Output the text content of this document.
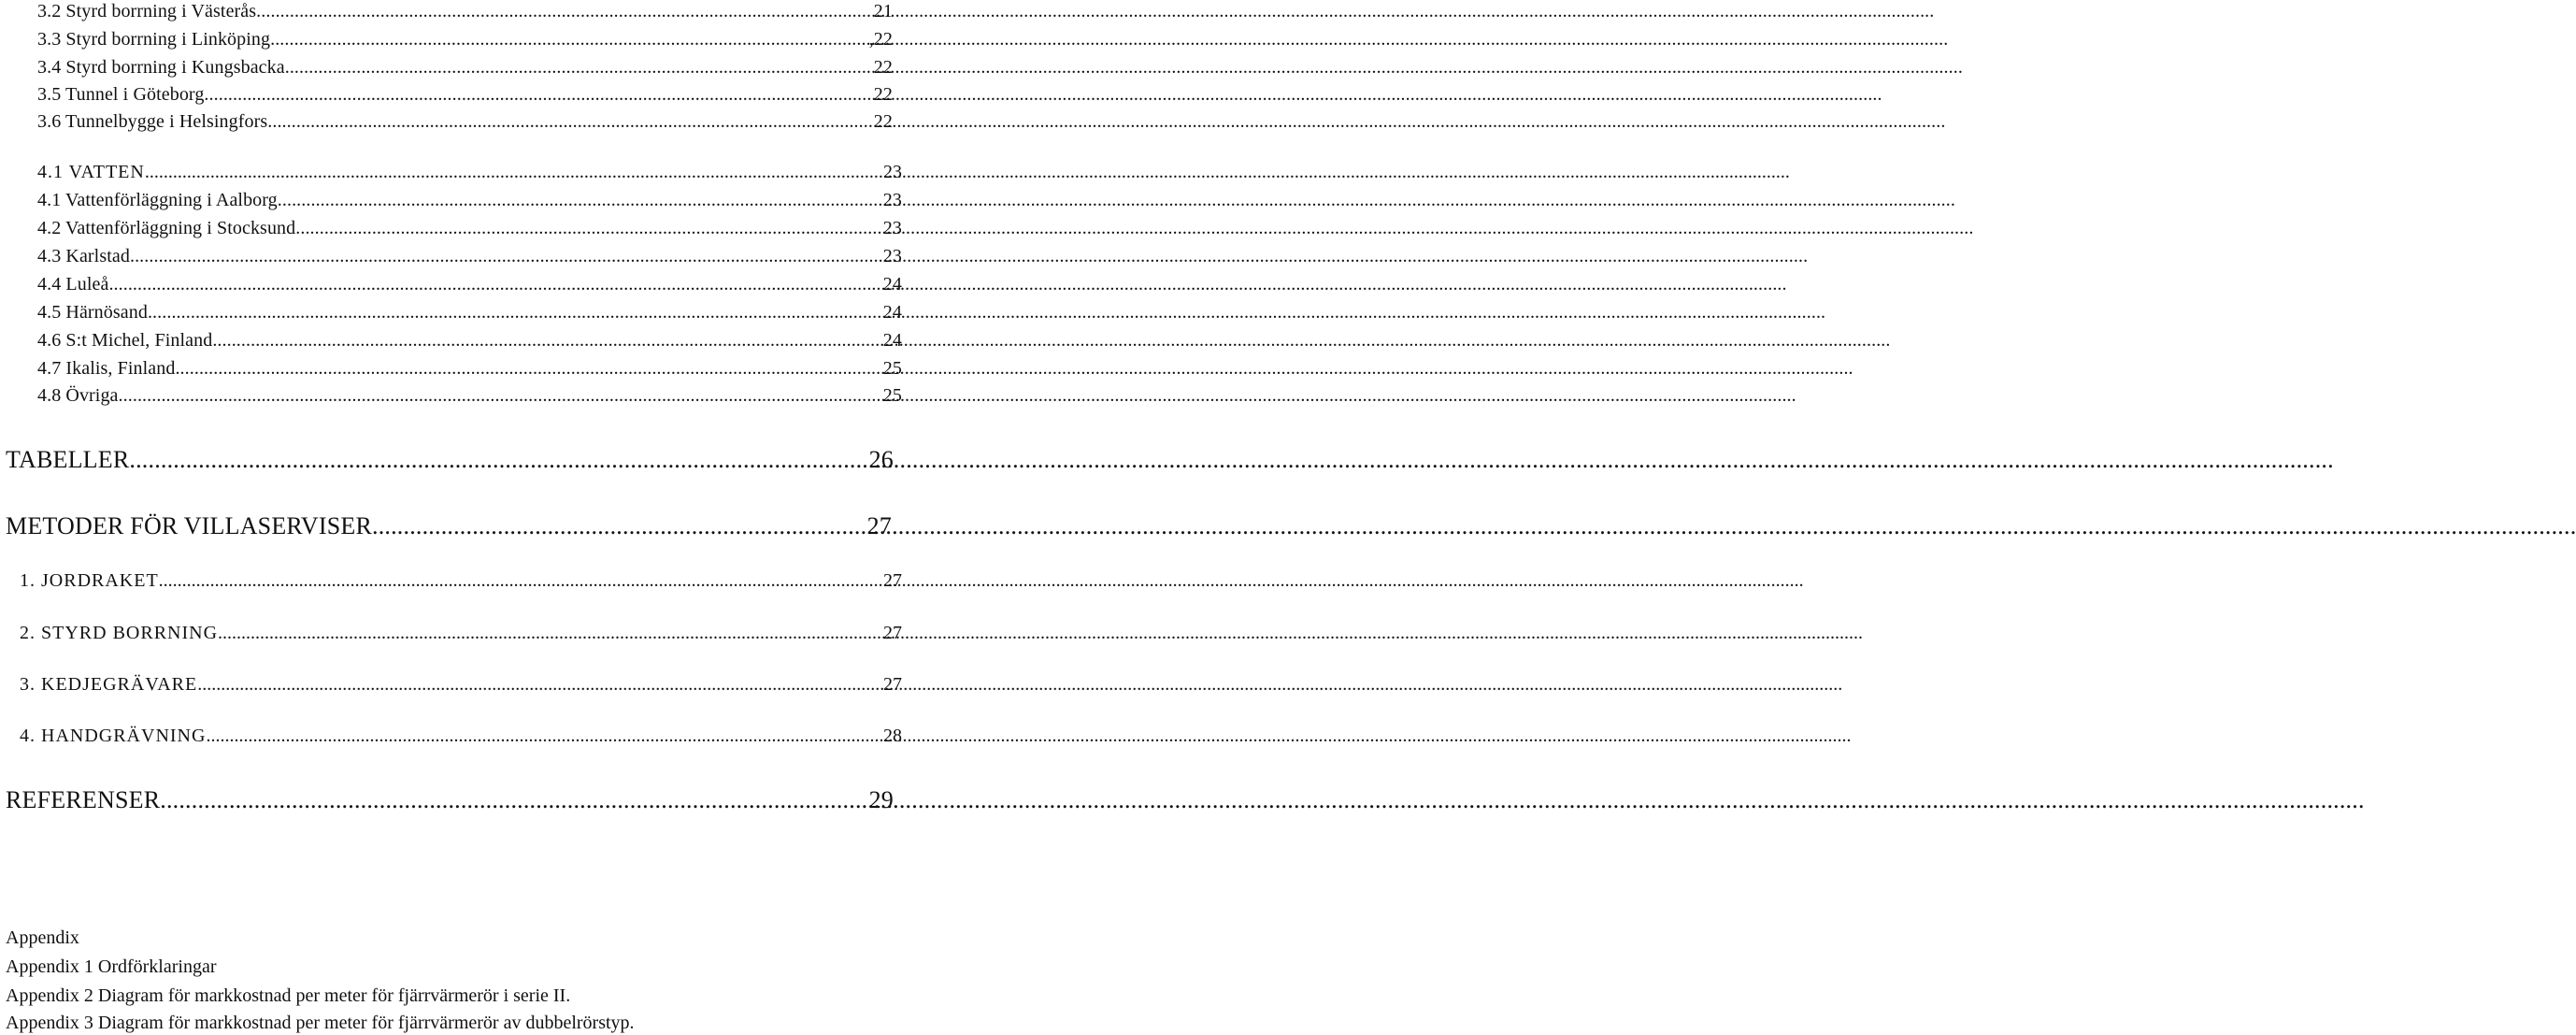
3.2 Styrd borrning i Västerås .....	21
3.3 Styrd borrning i Linköping .....	,22
3.4 Styrd borrning i Kungsbacka .....	22
3.5 Tunnel i Göteborg .....	22
3.6 Tunnelbygge i Helsingfors .....	22
4.1 VATTEN .....	23
4.1 Vattenförläggning i Aalborg .....	23
4.2 Vattenförläggning i Stocksund .....	23
4.3 Karlstad .....	23
4.4 Luleå .....	24
4.5 Härnösand .....	24
4.6 S:t Michel, Finland .....	24
4.7 Ikalis, Finland .....	25
4.8 Övriga .....	25
TABELLER .....	26
METODER FÖR VILLASERVISER .....	27
1. JORDRAKET .....	27
2. STYRD BORRNING .....	27
3. KEDJEGRÄVARE .....	27
4. HANDGRÄVNING .....	28
REFERENSER .....	29
Appendix
Appendix 1 Ordförklaringar
Appendix 2 Diagram för markkostnad per meter för fjärrvärmerör i serie II.
Appendix 3 Diagram för markkostnad per meter för fjärrvärmerör av dubbelrörstyp.
